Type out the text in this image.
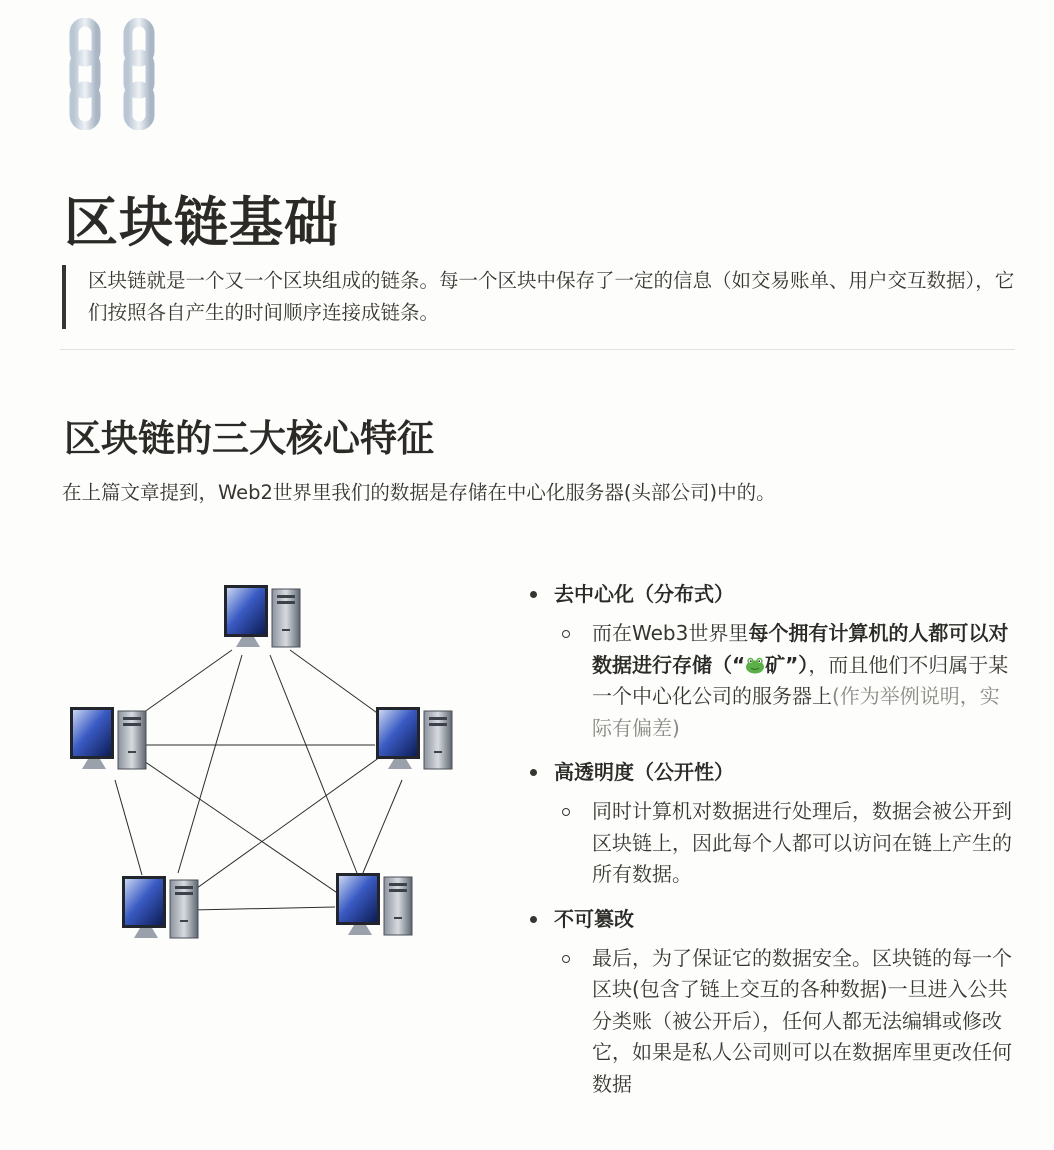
区块链基础
区块链就是一个又一个区块组成的链条。每一个区块中保存了一定的信息（如交易账单、用户交互数据），它们按照各自产生的时间顺序连接成链条。
区块链的三大核心特征

在上篇文章提到，Web2世界里我们的数据是存储在中心化服务器(头部公司)中的。

去中心化（分布式）
而在Web3世界里每个拥有计算机的人都可以对数据进行存储（“ 矿”），而且他们不归属于某一个中心化公司的服务器上(作为举例说明，实际有偏差)
高透明度（公开性）
同时计算机对数据进行处理后，数据会被公开到区块链上，因此每个人都可以访问在链上产生的所有数据。
不可篡改
最后，为了保证它的数据安全。区块链的每一个区块(包含了链上交互的各种数据)一旦进入公共分类账（被公开后），任何人都无法编辑或修改它，如果是私人公司则可以在数据库里更改任何数据
